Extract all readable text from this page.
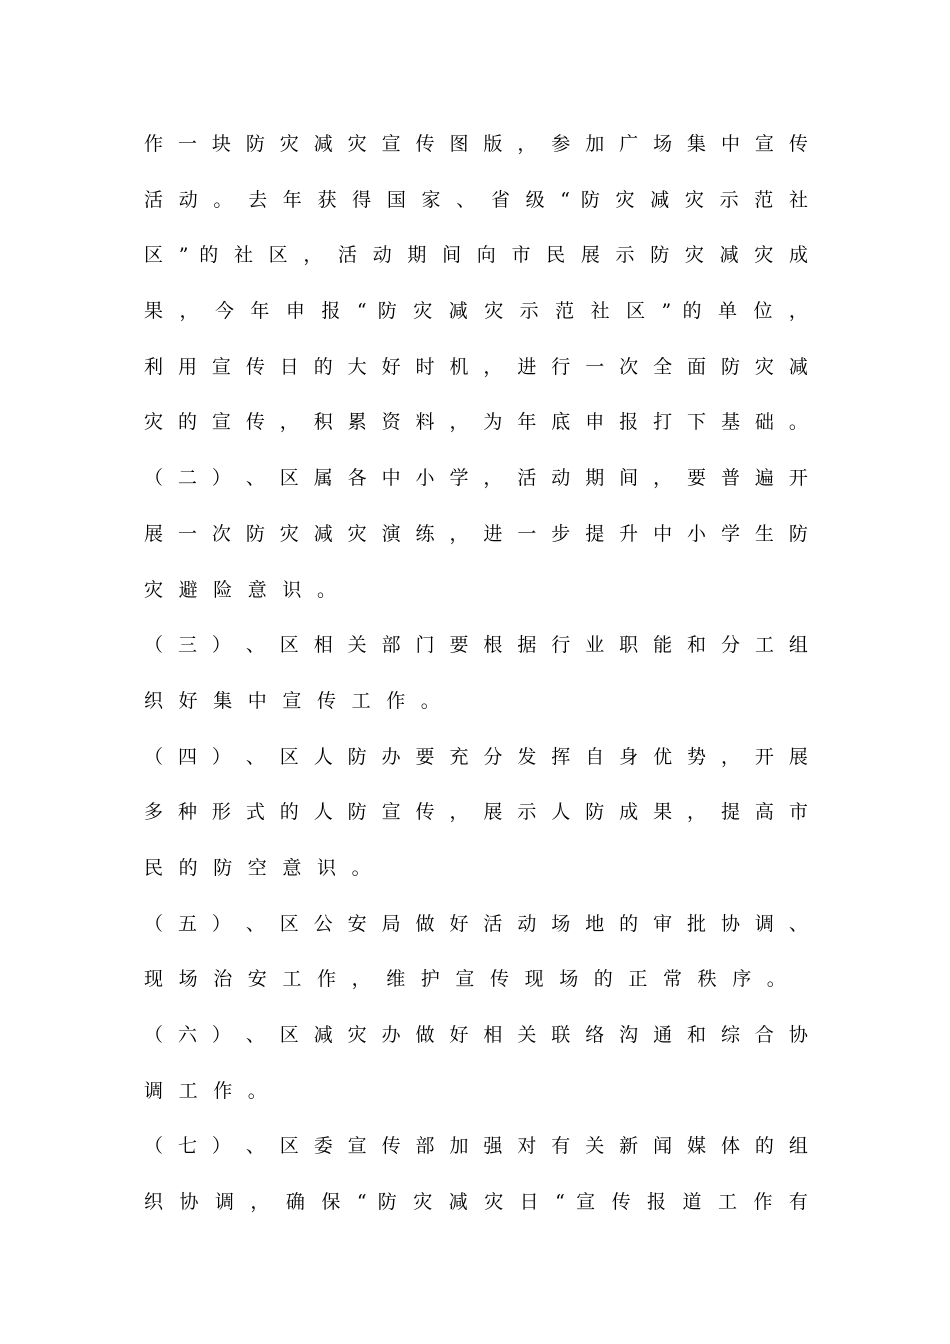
作 一 块 防 灾 减 灾 宣 传 图 版 ， 参 加 广 场 集 中 宣 传
活 动 。 去 年 获 得 国 家 、 省 级 “ 防 灾 减 灾 示 范 社
区 ” 的 社 区 ， 活 动 期 间 向 市 民 展 示 防 灾 减 灾 成
果 ， 今 年 申 报 “ 防 灾 减 灾 示 范 社 区 ” 的 单 位 ，
利 用 宣 传 日 的 大 好 时 机 ， 进 行 一 次 全 面 防 灾 减
灾 的 宣 传 ， 积 累 资 料 ， 为 年 底 申 报 打 下 基 础 。
（ 二 ） 、 区 属 各 中 小 学 ， 活 动 期 间 ， 要 普 遍 开
展 一 次 防 灾 减 灾 演 练 ， 进 一 步 提 升 中 小 学 生 防
灾避险意识。
（ 三 ） 、 区 相 关 部 门 要 根 据 行 业 职 能 和 分 工 组
织好集中宣传工作。
（ 四 ） 、 区 人 防 办 要 充 分 发 挥 自 身 优 势 ， 开 展
多 种 形 式 的 人 防 宣 传 ， 展 示 人 防 成 果 ， 提 高 市
民的防空意识。
（ 五 ） 、 区 公 安 局 做 好 活 动 场 地 的 审 批 协 调 、
现场治安工作，维护宣传现场的正常秩序。
（ 六 ） 、 区 减 灾 办 做 好 相 关 联 络 沟 通 和 综 合 协
调工作。
（ 七 ） 、 区 委 宣 传 部 加 强 对 有 关 新 闻 媒 体 的 组
织 协 调 ， 确 保 “ 防 灾 减 灾 日 “ 宣 传 报 道 工 作 有
